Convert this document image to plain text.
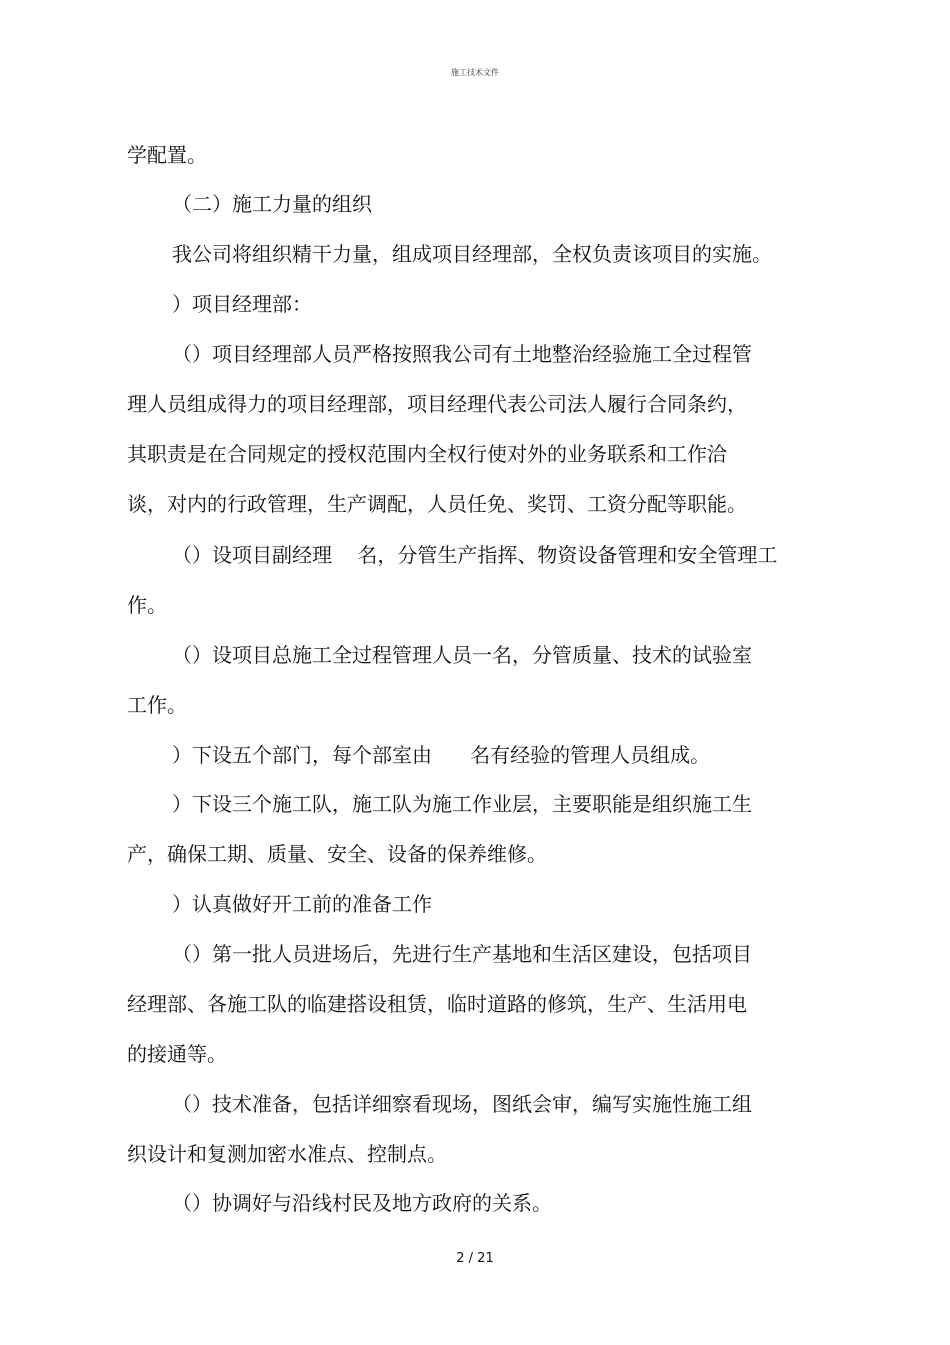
施工技术文件
学配置。
（二）施工力量的组织
我公司将组织精干力量，组成项目经理部，全权负责该项目的实施。
）项目经理部：
（）项目经理部人员严格按照我公司有土地整治经验施工全过程管
理人员组成得力的项目经理部，项目经理代表公司法人履行合同条约，
其职责是在合同规定的授权范围内全权行使对外的业务联系和工作洽
谈，对内的行政管理，生产调配，人员任免、奖罚、工资分配等职能。
（）设项目副经理    名，分管生产指挥、物资设备管理和安全管理工
作。
（）设项目总施工全过程管理人员一名，分管质量、技术的试验室
工作。
）下设五个部门，每个部室由      名有经验的管理人员组成。
）下设三个施工队，施工队为施工作业层，主要职能是组织施工生
产，确保工期、质量、安全、设备的保养维修。
）认真做好开工前的准备工作
（）第一批人员进场后，先进行生产基地和生活区建设，包括项目
经理部、各施工队的临建搭设租赁，临时道路的修筑，生产、生活用电
的接通等。
（）技术准备，包括详细察看现场，图纸会审，编写实施性施工组
织设计和复测加密水准点、控制点。
（）协调好与沿线村民及地方政府的关系。
2 / 21
